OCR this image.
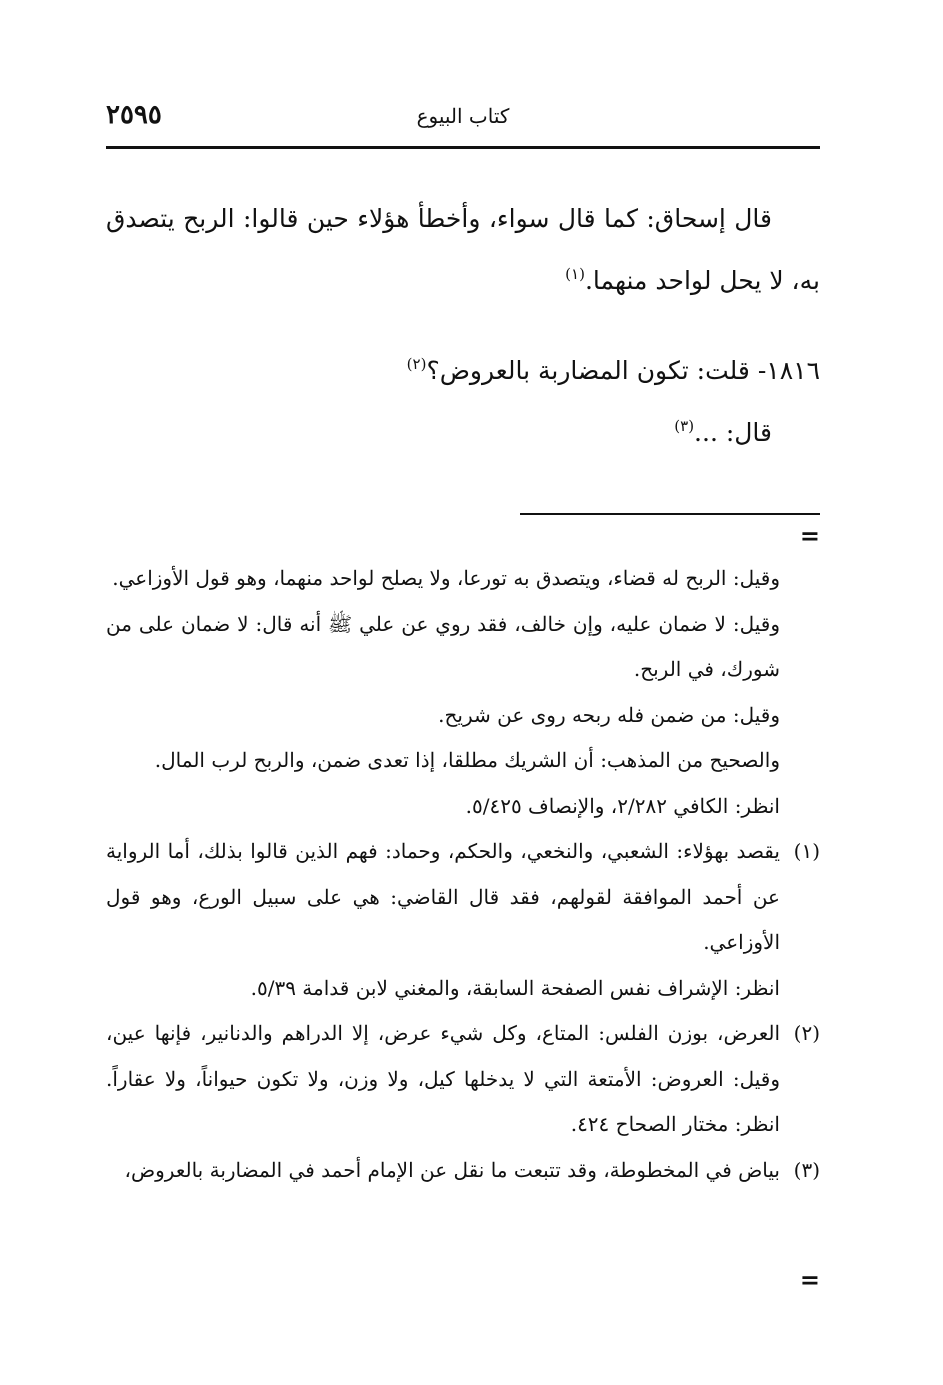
كتاب البيوع
٢٥٩٥

قال إسحاق: كما قال سواء، وأخطأ هؤلاء حين قالوا: الربح يتصدق به، لا يحل لواحد منهما.$^{(١)}$

١٨١٦- قلت: تكون المضاربة بالعروض؟$^{(٢)}$

قال: ...$^{(٣)}$

=

وقيل: الربح له قضاء، ويتصدق به تورعا، ولا يصلح لواحد منهما، وهو قول الأوزاعي.

وقيل: لا ضمان عليه، وإن خالف، فقد روي عن علي ﷺ أنه قال: لا ضمان على من شورك، في الربح.

وقيل: من ضمن فله ربحه روى عن شريح.

والصحيح من المذهب: أن الشريك مطلقا، إذا تعدى ضمن، والربح لرب المال.

انظر: الكافي ٢/٢٨٢، والإنصاف ٥/٤٢٥.

(١)

يقصد بهؤلاء: الشعبي، والنخعي، والحكم، وحماد: فهم الذين قالوا بذلك، أما الرواية عن أحمد الموافقة لقولهم، فقد قال القاضي: هي على سبيل الورع، وهو قول الأوزاعي.

انظر: الإشراف نفس الصفحة السابقة، والمغني لابن قدامة ٥/٣٩.

(٢)

العرض، بوزن الفلس: المتاع، وكل شيء عرض، إلا الدراهم والدنانير، فإنها عين، وقيل: العروض: الأمتعة التي لا يدخلها كيل، ولا وزن، ولا تكون حيواناً، ولا عقاراً. انظر: مختار الصحاح ٤٢٤.

(٣)

بياض في المخطوطة، وقد تتبعت ما نقل عن الإمام أحمد في المضاربة بالعروض،

=
